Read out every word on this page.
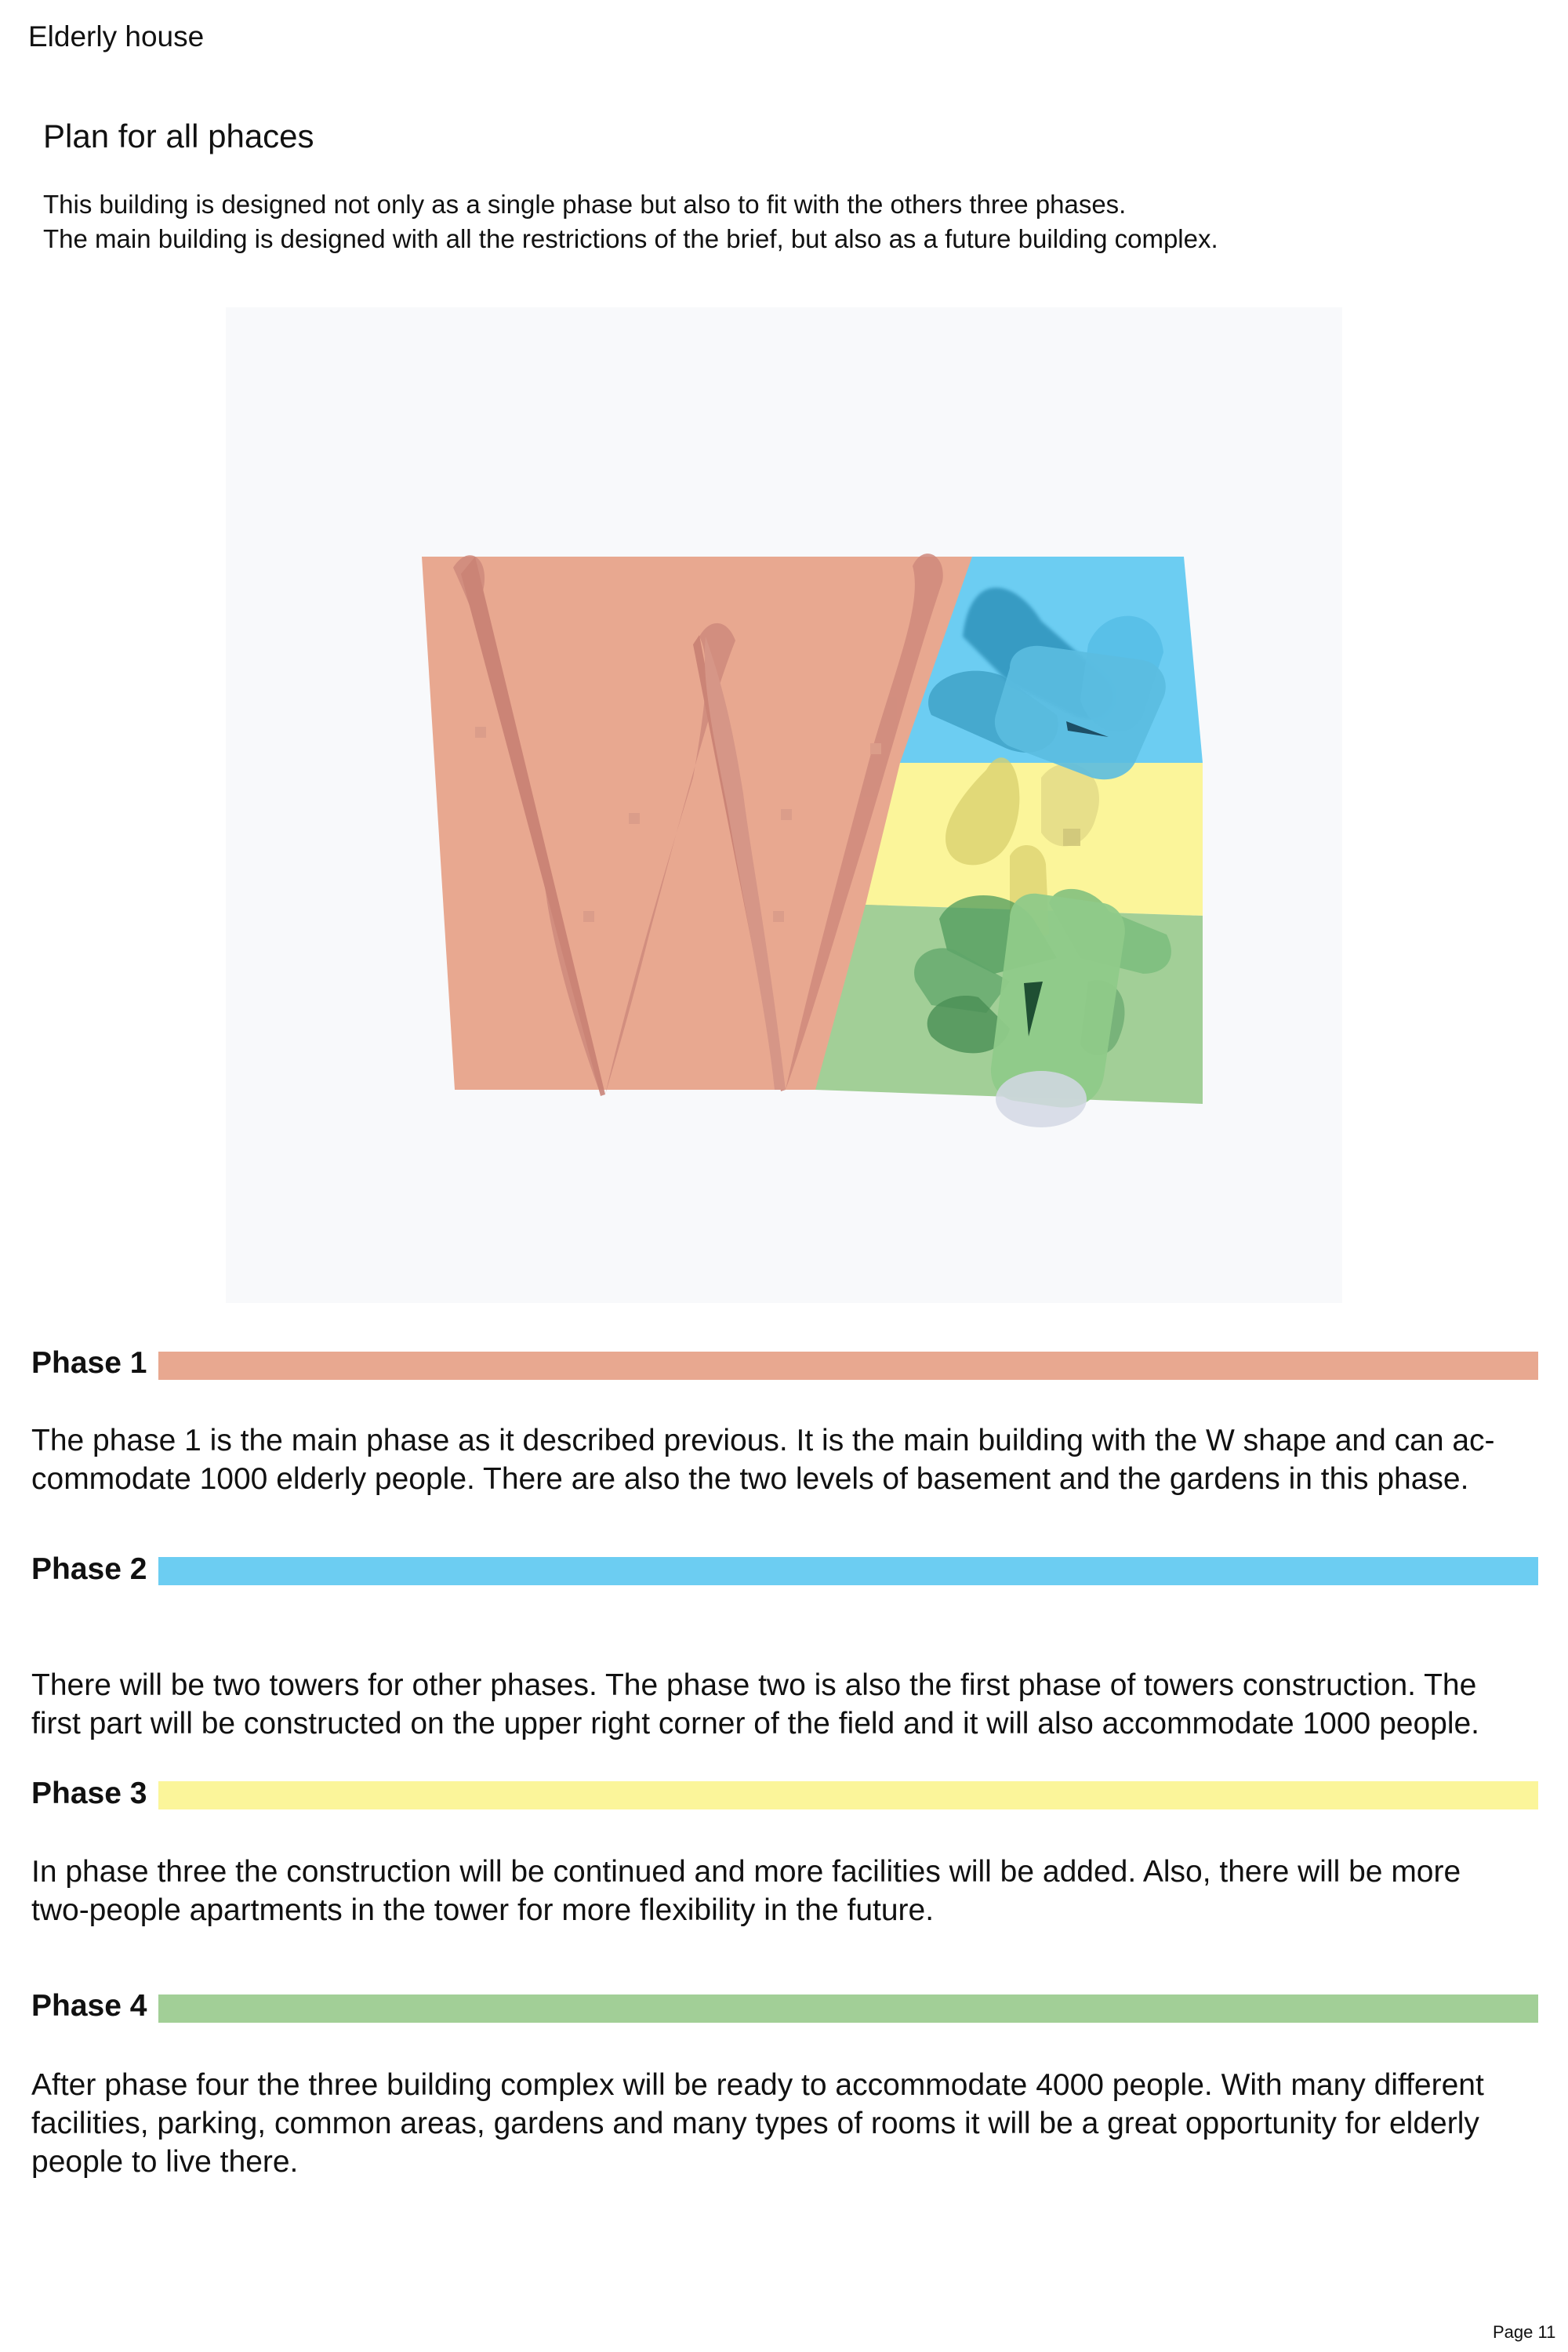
Elderly house
Plan for all phaces
This building is designed not only as a single phase but also to fit with the others three phases.
The main building is designed with all the restrictions of the brief, but also as a future building complex.
Phase 1
The phase 1 is the main phase as it described previous. It is the main building with the W shape and can ac-
commodate 1000 elderly people. There are also the two levels of basement and the gardens in this phase.
Phase 2
There will be two towers for other phases. The phase two is also the first phase of towers construction. The
first part will be constructed on the upper right corner of the field and it will also accommodate 1000 people.
Phase 3
In phase three the construction will be continued and more facilities will be added. Also, there will be more
two-people apartments in the tower for more flexibility in the future.
Phase 4
After phase four the three building complex will be ready to accommodate 4000 people. With many different
facilities, parking, common areas, gardens and many types of rooms it will be a great opportunity for elderly
people to live there.
Page 11
